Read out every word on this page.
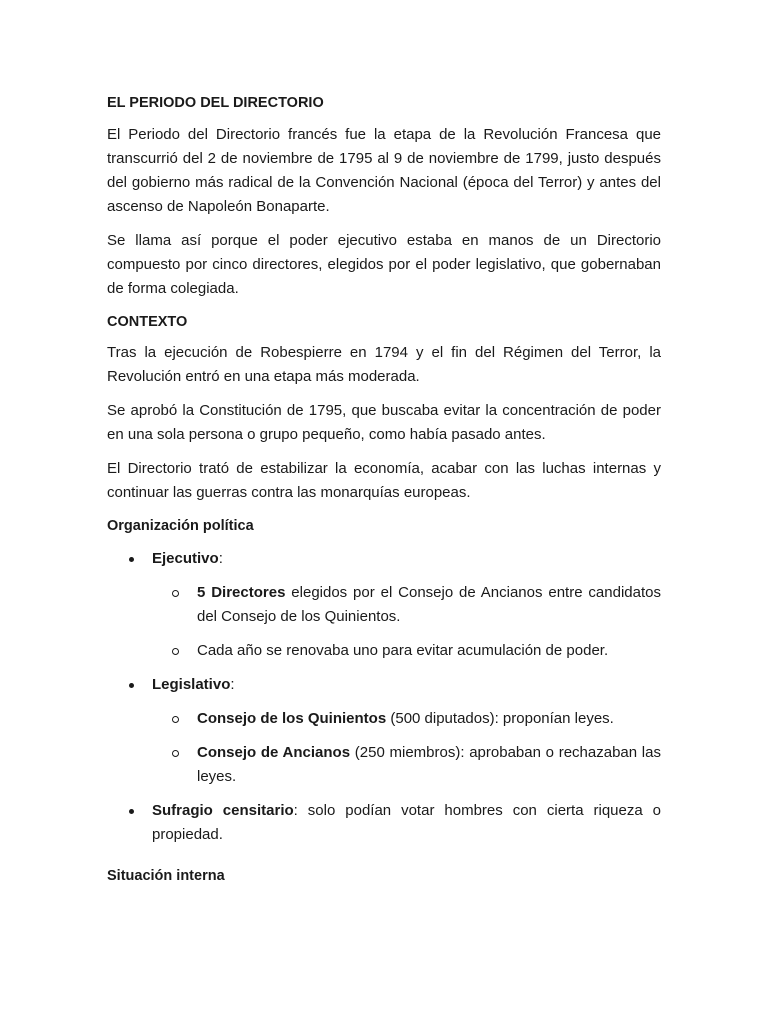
EL PERIODO DEL DIRECTORIO

El Periodo del Directorio francés fue la etapa de la Revolución Francesa que transcurrió del 2 de noviembre de 1795 al 9 de noviembre de 1799, justo después del gobierno más radical de la Convención Nacional (época del Terror) y antes del ascenso de Napoleón Bonaparte.

Se llama así porque el poder ejecutivo estaba en manos de un Directorio compuesto por cinco directores, elegidos por el poder legislativo, que gobernaban de forma colegiada.

CONTEXTO

Tras la ejecución de Robespierre en 1794 y el fin del Régimen del Terror, la Revolución entró en una etapa más moderada.

Se aprobó la Constitución de 1795, que buscaba evitar la concentración de poder en una sola persona o grupo pequeño, como había pasado antes.

El Directorio trató de estabilizar la economía, acabar con las luchas internas y continuar las guerras contra las monarquías europeas.

Organización política
Ejecutivo:
5 Directores elegidos por el Consejo de Ancianos entre candidatos del Consejo de los Quinientos.
Cada año se renovaba uno para evitar acumulación de poder.
Legislativo:
Consejo de los Quinientos (500 diputados): proponían leyes.
Consejo de Ancianos (250 miembros): aprobaban o rechazaban las leyes.
Sufragio censitario: solo podían votar hombres con cierta riqueza o propiedad.
Situación interna
